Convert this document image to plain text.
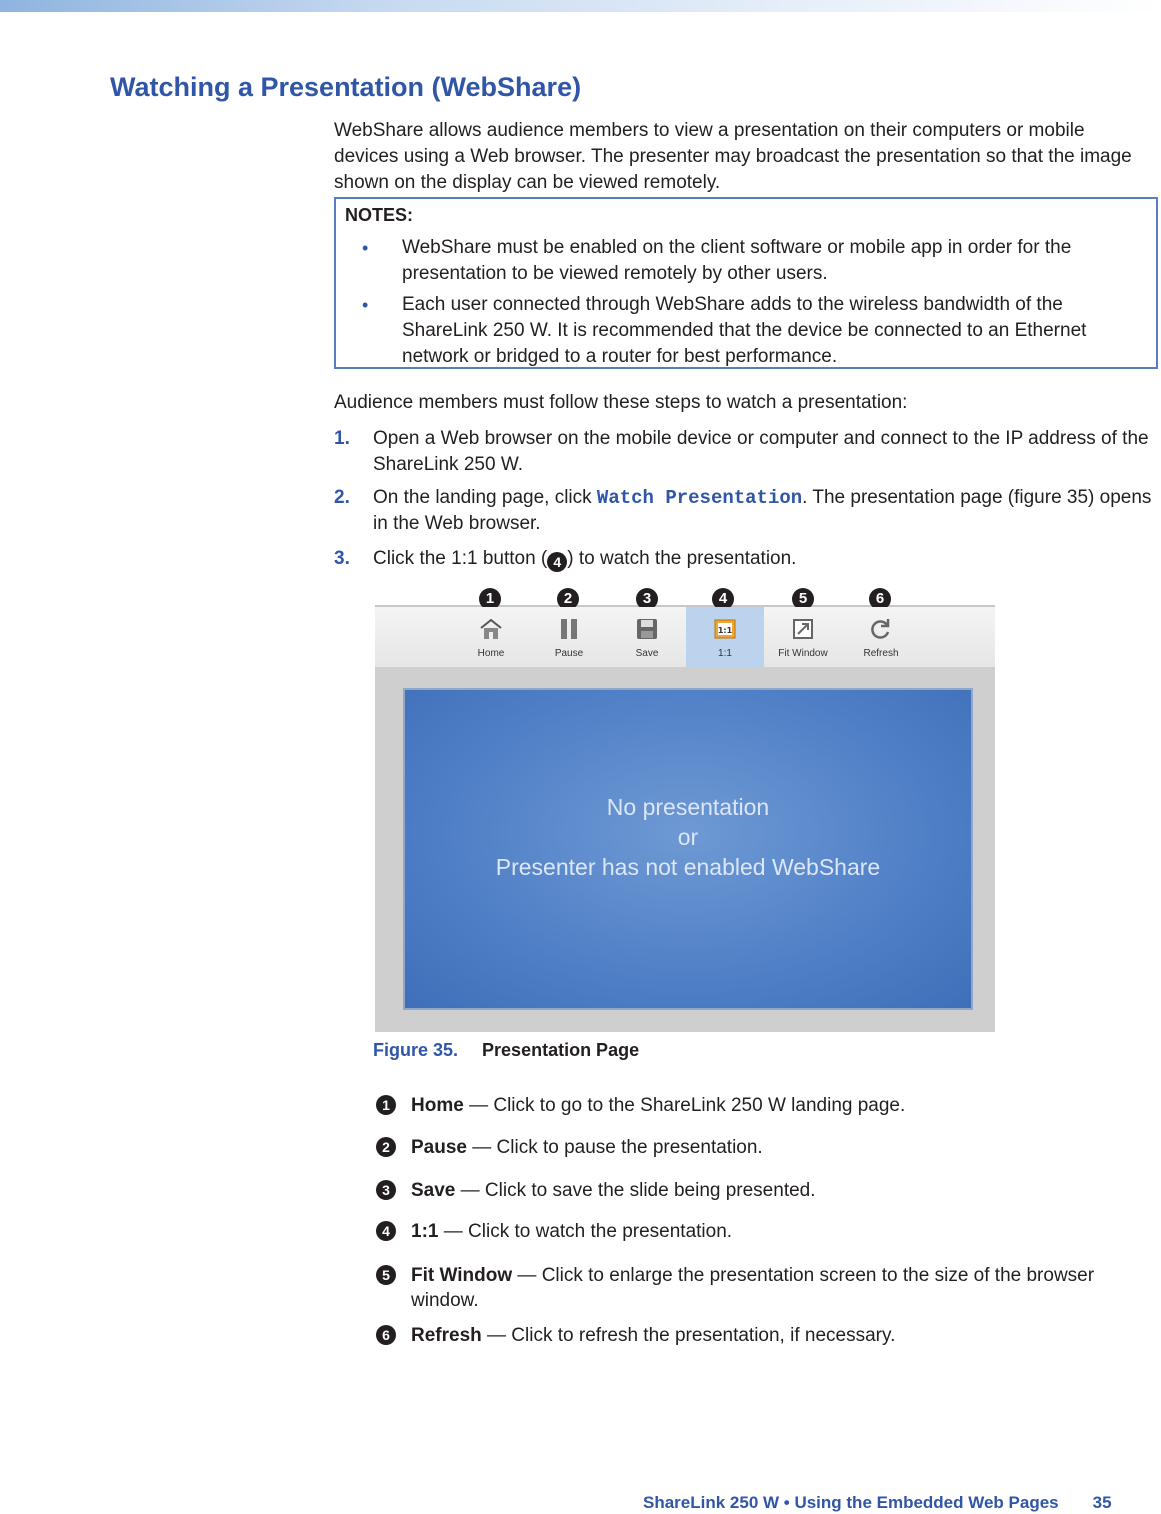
Watching a Presentation (WebShare)

WebShare allows audience members to view a presentation on their computers or mobile devices using a Web browser. The presenter may broadcast the presentation so that the image shown on the display can be viewed remotely.

NOTES:
• WebShare must be enabled on the client software or mobile app in order for the presentation to be viewed remotely by other users.
• Each user connected through WebShare adds to the wireless bandwidth of the ShareLink 250 W. It is recommended that the device be connected to an Ethernet network or bridged to a router for best performance.
Audience members must follow these steps to watch a presentation:
1. Open a Web browser on the mobile device or computer and connect to the IP address of the ShareLink 250 W.
2. On the landing page, click Watch Presentation. The presentation page (figure 35) opens in the Web browser.
3. Click the 1:1 button ( 4 ) to watch the presentation.
1	2	3	4	5	6
Home	Pause	Save
1:1
1:1	Fit Window	Refresh
No presentation
or
Presenter has not enabled WebShare
Figure 35. Presentation Page
1	Home — Click to go to the ShareLink 250 W landing page.
2	Pause — Click to pause the presentation.
3	Save — Click to save the slide being presented.
4	1:1 — Click to watch the presentation.
5	Fit Window — Click to enlarge the presentation screen to the size of the browser window.
6	Refresh — Click to refresh the presentation, if necessary.
ShareLink 250 W • Using the Embedded Web Pages 35
